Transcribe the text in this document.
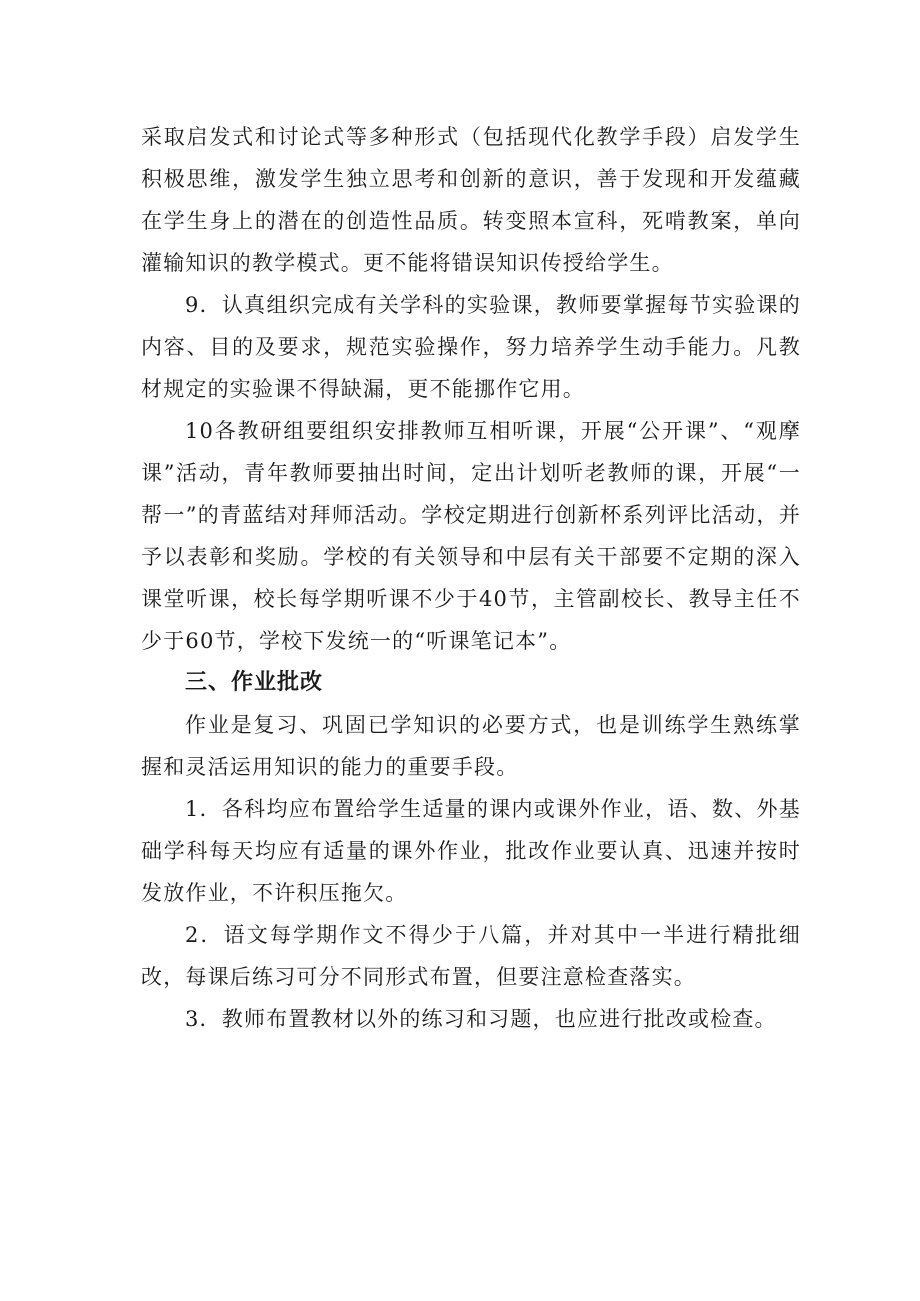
采取启发式和讨论式等多种形式（包括现代化教学手段）启发学生积极思维，激发学生独立思考和创新的意识，善于发现和开发蕴藏在学生身上的潜在的创造性品质。转变照本宣科，死啃教案，单向灌输知识的教学模式。更不能将错误知识传授给学生。

9．认真组织完成有关学科的实验课，教师要掌握每节实验课的内容、目的及要求，规范实验操作，努力培养学生动手能力。凡教材规定的实验课不得缺漏，更不能挪作它用。

10各教研组要组织安排教师互相听课，开展“公开课”、“观摩课”活动，青年教师要抽出时间，定出计划听老教师的课，开展“一帮一”的青蓝结对拜师活动。学校定期进行创新杯系列评比活动，并予以表彰和奖励。学校的有关领导和中层有关干部要不定期的深入课堂听课，校长每学期听课不少于40节，主管副校长、教导主任不少于60节，学校下发统一的“听课笔记本”。

三、作业批改

作业是复习、巩固已学知识的必要方式，也是训练学生熟练掌握和灵活运用知识的能力的重要手段。

1．各科均应布置给学生适量的课内或课外作业，语、数、外基础学科每天均应有适量的课外作业，批改作业要认真、迅速并按时发放作业，不许积压拖欠。

2．语文每学期作文不得少于八篇，并对其中一半进行精批细改，每课后练习可分不同形式布置，但要注意检查落实。

3．教师布置教材以外的练习和习题，也应进行批改或检查。
